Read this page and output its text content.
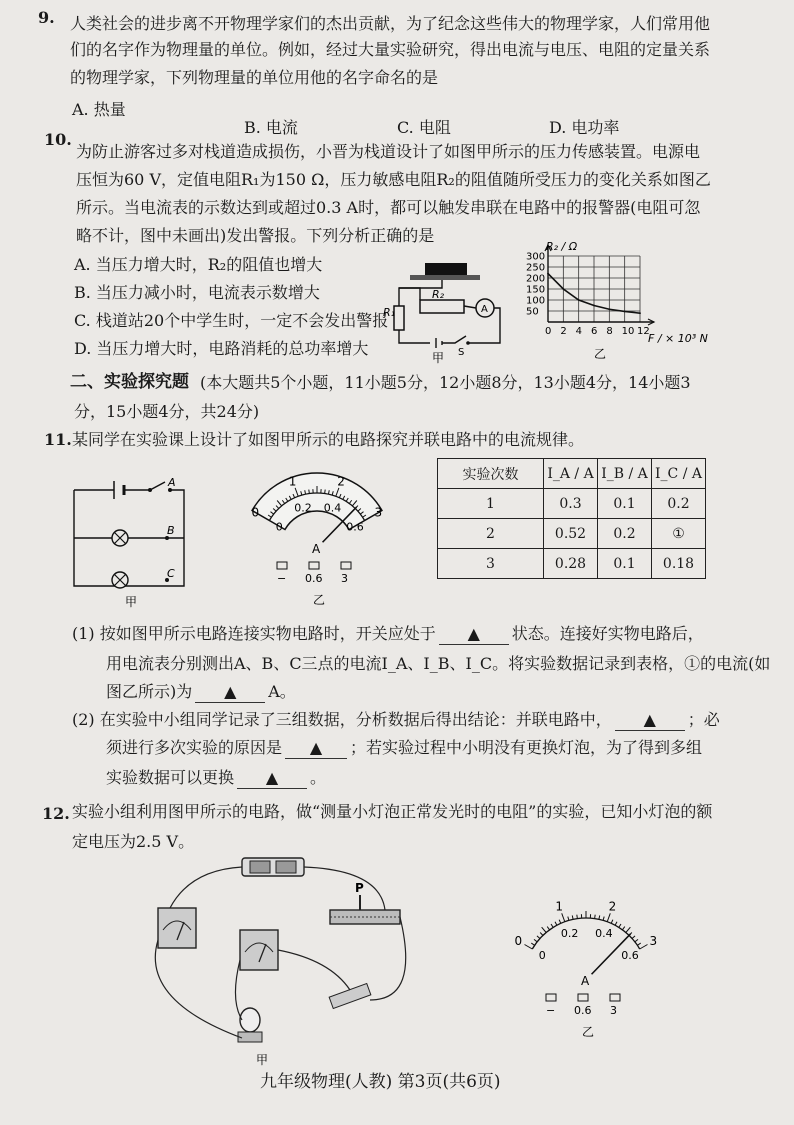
9. 人类社会的进步离不开物理学家们的杰出贡献，为了纪念这些伟大的物理学家，人们常用他
们的名字作为物理量的单位。例如，经过大量实验研究，得出电流与电压、电阻的定量关系
的物理学家，下列物理量的单位用他的名字命名的是
A. 热量
B. 电流	C. 电阻	D. 电功率
10.
为防止游客过多对栈道造成损伤，小晋为栈道设计了如图甲所示的压力传感装置。电源电
压恒为60 V，定值电阻R₁为150 Ω，压力敏感电阻R₂的阻值随所受压力的变化关系如图乙
所示。当电流表的示数达到或超过0.3 A时，都可以触发串联在电路中的报警器(电阻可忽
略不计，图中未画出)发出警报。下列分析正确的是
A. 当压力增大时，R₂的阻值也增大
B. 当压力减小时，电流表示数增大
C. 栈道站20个中学生时，一定不会发出警报
D. 当压力增大时，电路消耗的总功率增大
R₁
R₂
A
S
甲
0 2 4 6 8 10 12
50
100
150
200
250
300
R₂ / Ω
F / × 10³ N
乙
二、实验探究题 (本大题共5个小题，11小题5分，12小题8分，13小题4分，14小题3
分，15小题4分，共24分)
11. 某同学在实验课上设计了如图甲所示的电路探究并联电路中的电流规律。
A
B
C
甲
0
1	2
3
0
0.2 0.4
0.6
A
− 0.6 3
乙
实验次数	I_A / A	I_B / A	I_C / A
1	0.3	0.1	0.2
2	0.52	0.2	①
3	0.28	0.1	0.18
(1) 按如图甲所示电路连接实物电路时，开关应处于 ▲ 状态。连接好实物电路后，
用电流表分别测出A、B、C三点的电流I_A、I_B、I_C。将实验数据记录到表格，①的电流(如
图乙所示)为 ▲ A。
(2) 在实验中小组同学记录了三组数据，分析数据后得出结论：并联电路中， ▲ ；必
须进行多次实验的原因是 ▲ ；若实验过程中小明没有更换灯泡，为了得到多组
实验数据可以更换 ▲ 。
12. 实验小组利用图甲所示的电路，做“测量小灯泡正常发光时的电阻”的实验，已知小灯泡的额
定电压为2.5 V。
P
甲
0
1	2
3
0
0.2 0.4
0.6
A
− 0.6 3
乙
九年级物理(人教) 第3页(共6页)
